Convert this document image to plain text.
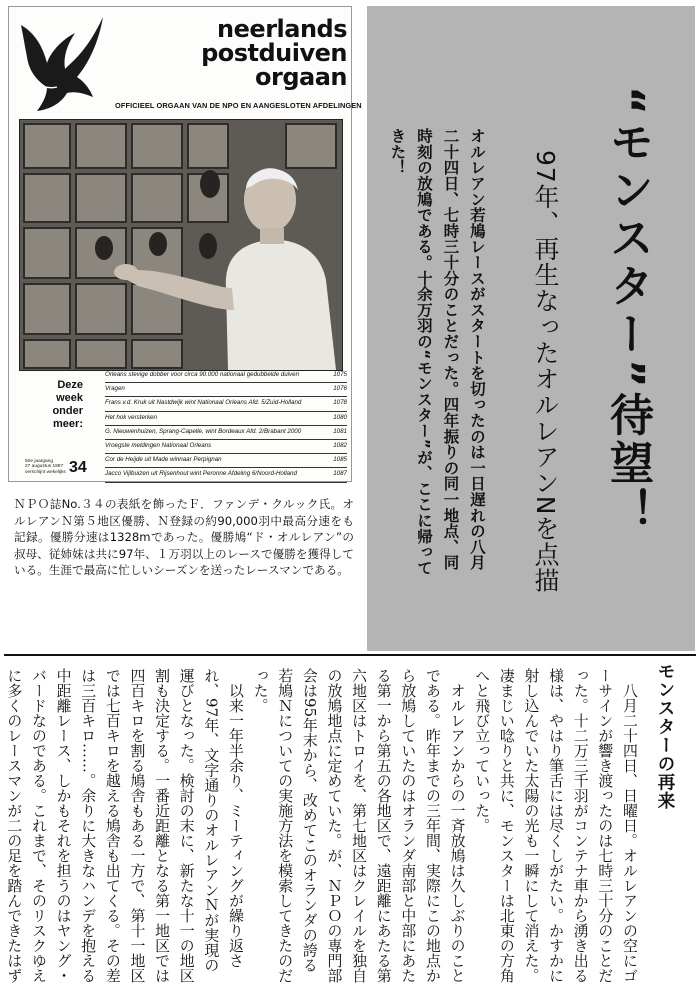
neerlands
postduiven
orgaan
OFFICIEEL ORGAAN VAN DE NPO EN AANGESLOTEN AFDELINGEN
Deze
week
onder meer:
50e jaargang
27 augustus 1997
verschijnt wekelijks 34
Orleans stevige dobber voor circa 90.000 nationaal gedubbelde duiven	1075
Vragen	1076
Frans v.d. Kruk uit Nastdwijk wint Nationaal Orleans Afd. 5/Zuid-Holland	1078
Het hok versterken	1080
G. Nieuwenhuizen, Sprang-Capelle, wint Bordeaux Afd. 2/Brabant 2000	1081
Vroegste meldingen Nationaal Orleans	1082
Cor de Heijde uit Made winnaar Perpignan	1085
Jacco Vijlbuizen uit Rijsenhout wint Peronne Afdeling 6/Noord-Holland	1087
ＮＰＯ誌No.３４の表紙を飾ったＦ．ファンデ・クルック氏。オルレアンＮ第５地区優勝、Ｎ登録の約90,000羽中最高分速をも記録。優勝分速は1328mであった。優勝鳩“ド・オルレアン”の叔母、従姉妹は共に97年、１万羽以上のレースで優勝を獲得している。生涯で最高に忙しいシーズンを送ったレースマンである。
“モンスター”待望！
97年、再生なったオルレアンNを点描
オルレアン若鳩レースがスタートを切ったのは一日遅れの八月二十四日、七時三十分のことだった。四年振りの同一地点、同時刻の放鳩である。十余万羽の“モンスター”が、ここに帰ってきた！
モンスターの再来

八月二十四日、日曜日。オルレアンの空にゴーサインが響き渡ったのは七時三十分のことだった。十二万三千羽がコンテナ車から湧き出る様は、やはり筆舌には尽くしがたい。かすかに射し込んでいた太陽の光も一瞬にして消えた。凄まじい唸りと共に、モンスターは北東の方角へと飛び立っていった。

オルレアンからの一斉放鳩は久しぶりのことである。昨年までの三年間、実際にこの地点から放鳩していたのはオランダ南部と中部にあたる第一から第五の各地区で、遠距離にあたる第六地区はトロイを、第七地区はクレイルを独自の放鳩地点に定めていた。が、ＮＰＯの専門部会は95年末から、改めてこのオランダの誇る若鳩Ｎについての実施方法を模索してきたのだった。

以来一年半余り、ミーティングが繰り返され、97年、文字通りのオルレアンＮが実現の運びとなった。検討の末に、新たな十一の地区割も決定する。一番近距離となる第一地区では四百キロを割る鳩舎もある一方で、第十一地区では七百キロを越える鳩舎も出てくる。その差は三百キロ……。余りに大きなハンデを抱える中距離レース、しかもそれを担うのはヤング・バードなのである。これまで、そのリスクゆえに多くのレースマンが二の足を踏んできたはず
